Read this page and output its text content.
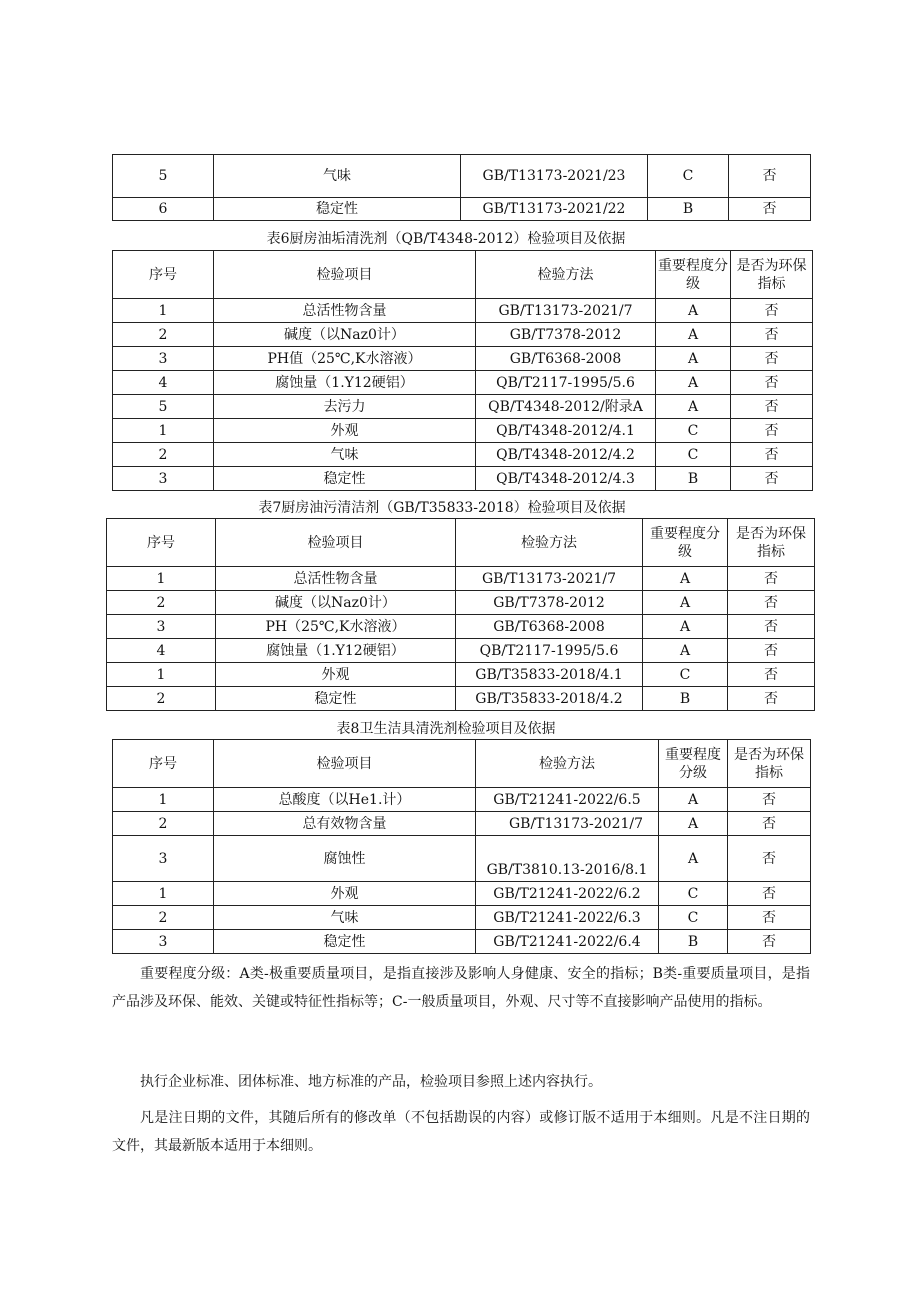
5	气味	GB/T13173-2021/23	C	否
6	稳定性	GB/T13173-2021/22	B	否
表6厨房油垢清洗剂（QB/T4348-2012）检验项目及依据
序号	检验项目	检验方法	重要程度分级	是否为环保指标
1	总活性物含量	GB/T13173-2021/7	A	否
2	碱度（以Naz0计）	GB/T7378-2012	A	否
3	PH值（25℃,K水溶液）	GB/T6368-2008	A	否
4	腐蚀量（1.Y12硬铝）	QB/T2117-1995/5.6	A	否
5	去污力	QB/T4348-2012/附录A	A	否
1	外观	QB/T4348-2012/4.1	C	否
2	气味	QB/T4348-2012/4.2	C	否
3	稳定性	QB/T4348-2012/4.3	B	否
表7厨房油污清洁剂（GB/T35833-2018）检验项目及依据
序号	检验项目	检验方法	重要程度分级	是否为环保指标
1	总活性物含量	GB/T13173-2021/7	A	否
2	碱度（以Naz0计）	GB/T7378-2012	A	否
3	PH（25℃,K水溶液）	GB/T6368-2008	A	否
4	腐蚀量（1.Y12硬铝）	QB/T2117-1995/5.6	A	否
1	外观	GB/T35833-2018/4.1	C	否
2	稳定性	GB/T35833-2018/4.2	B	否
表8卫生洁具清洗剂检验项目及依据
序号	检验项目	检验方法	重要程度分级	是否为环保指标
1	总酸度（以He1.计）	GB/T21241-2022/6.5	A	否
2	总有效物含量	GB/T13173-2021/7	A	否
3	腐蚀性	GB/T3810.13-2016/8.1	A	否
1	外观	GB/T21241-2022/6.2	C	否
2	气味	GB/T21241-2022/6.3	C	否
3	稳定性	GB/T21241-2022/6.4	B	否

重要程度分级：A类-极重要质量项目，是指直接涉及影响人身健康、安全的指标；B类-重要质量项目，是指产品涉及环保、能效、关键或特征性指标等；C-一般质量项目，外观、尺寸等不直接影响产品使用的指标。

执行企业标准、团体标准、地方标准的产品，检验项目参照上述内容执行。

凡是注日期的文件，其随后所有的修改单（不包括勘误的内容）或修订版不适用于本细则。凡是不注日期的文件，其最新版本适用于本细则。
